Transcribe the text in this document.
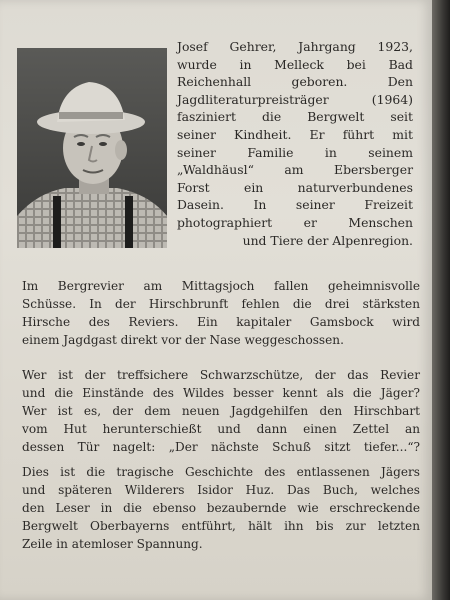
Josef Gehrer, Jahrgang 1923,
wurde in Melleck bei Bad
Reichenhall geboren. Den
Jagdliteraturpreisträger (1964)
fasziniert die Bergwelt seit
seiner Kindheit. Er führt mit
seiner Familie in seinem
„Waldhäusl“ am Ebersberger
Forst ein naturverbundenes
Dasein. In seiner Freizeit
photographiert er Menschen
und Tiere der Alpenregion.
Im Bergrevier am Mittagsjoch fallen geheimnisvolle
Schüsse. In der Hirschbrunft fehlen die drei stärksten
Hirsche des Reviers. Ein kapitaler Gamsbock wird
einem Jagdgast direkt vor der Nase weggeschossen.
Wer ist der treffsichere Schwarzschütze, der das Revier
und die Einstände des Wildes besser kennt als die Jäger?
Wer ist es, der dem neuen Jagdgehilfen den Hirschbart
vom Hut herunterschießt und dann einen Zettel an
dessen Tür nagelt: „Der nächste Schuß sitzt tiefer...“?
Dies ist die tragische Geschichte des entlassenen Jägers
und späteren Wilderers Isidor Huz. Das Buch, welches
den Leser in die ebenso bezaubernde wie erschreckende
Bergwelt Oberbayerns entführt, hält ihn bis zur letzten
Zeile in atemloser Spannung.
